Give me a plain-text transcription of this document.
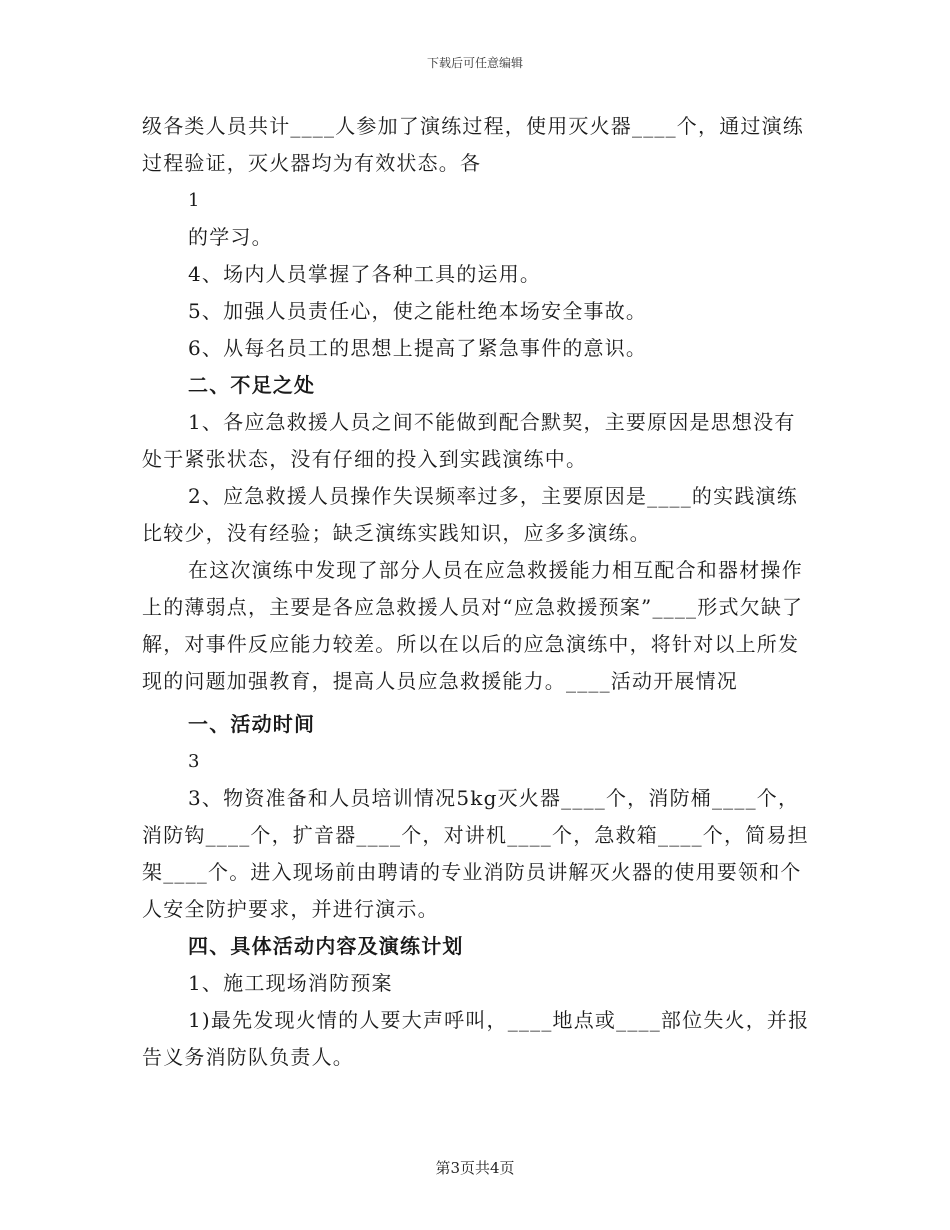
下载后可任意编辑

级各类人员共计____人参加了演练过程，使用灭火器____个，通过演练过程验证，灭火器均为有效状态。各

1

的学习。

4、场内人员掌握了各种工具的运用。

5、加强人员责任心，使之能杜绝本场安全事故。

6、从每名员工的思想上提高了紧急事件的意识。

二、不足之处

1、各应急救援人员之间不能做到配合默契，主要原因是思想没有处于紧张状态，没有仔细的投入到实践演练中。

2、应急救援人员操作失误频率过多，主要原因是____的实践演练比较少，没有经验；缺乏演练实践知识，应多多演练。

在这次演练中发现了部分人员在应急救援能力相互配合和器材操作上的薄弱点，主要是各应急救援人员对“应急救援预案”____形式欠缺了解，对事件反应能力较差。所以在以后的应急演练中，将针对以上所发现的问题加强教育，提高人员应急救援能力。____活动开展情况

一、活动时间

3

3、物资准备和人员培训情况5kg灭火器____个，消防桶____个，消防钩____个，扩音器____个，对讲机____个，急救箱____个，简易担架____个。进入现场前由聘请的专业消防员讲解灭火器的使用要领和个人安全防护要求，并进行演示。

四、具体活动内容及演练计划

1、施工现场消防预案

1)最先发现火情的人要大声呼叫，____地点或____部位失火，并报告义务消防队负责人。

第3页共4页
